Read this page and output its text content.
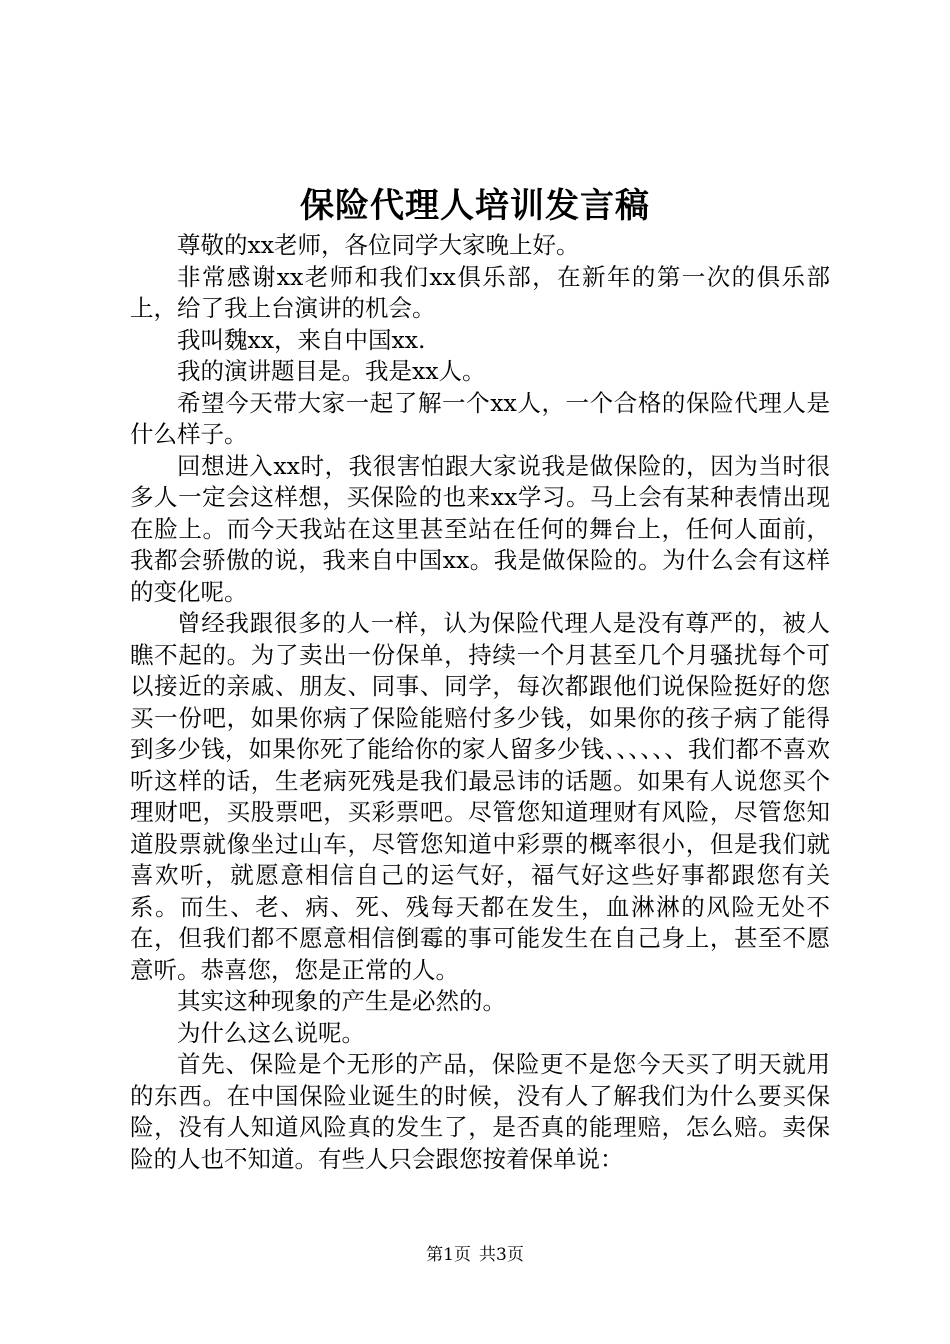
保险代理人培训发言稿

尊敬的xx老师，各位同学大家晚上好。

非常感谢xx老师和我们xx俱乐部，在新年的第一次的俱乐部上，给了我上台演讲的机会。

我叫魏xx，来自中国xx.

我的演讲题目是。我是xx人。

希望今天带大家一起了解一个xx人，一个合格的保险代理人是什么样子。

回想进入xx时，我很害怕跟大家说我是做保险的，因为当时很多人一定会这样想，买保险的也来xx学习。马上会有某种表情出现在脸上。而今天我站在这里甚至站在任何的舞台上，任何人面前，我都会骄傲的说，我来自中国xx。我是做保险的。为什么会有这样的变化呢。

曾经我跟很多的人一样，认为保险代理人是没有尊严的，被人瞧不起的。为了卖出一份保单，持续一个月甚至几个月骚扰每个可以接近的亲戚、朋友、同事、同学，每次都跟他们说保险挺好的您买一份吧，如果你病了保险能赔付多少钱，如果你的孩子病了能得到多少钱，如果你死了能给你的家人留多少钱、、、、、、我们都不喜欢听这样的话，生老病死残是我们最忌讳的话题。如果有人说您买个理财吧，买股票吧，买彩票吧。尽管您知道理财有风险，尽管您知道股票就像坐过山车，尽管您知道中彩票的概率很小，但是我们就喜欢听，就愿意相信自己的运气好，福气好这些好事都跟您有关系。而生、老、病、死、残每天都在发生，血淋淋的风险无处不在，但我们都不愿意相信倒霉的事可能发生在自己身上，甚至不愿意听。恭喜您，您是正常的人。

其实这种现象的产生是必然的。

为什么这么说呢。

首先、保险是个无形的产品，保险更不是您今天买了明天就用的东西。在中国保险业诞生的时候，没有人了解我们为什么要买保险，没有人知道风险真的发生了，是否真的能理赔，怎么赔。卖保险的人也不知道。有些人只会跟您按着保单说：

第1页 共3页
